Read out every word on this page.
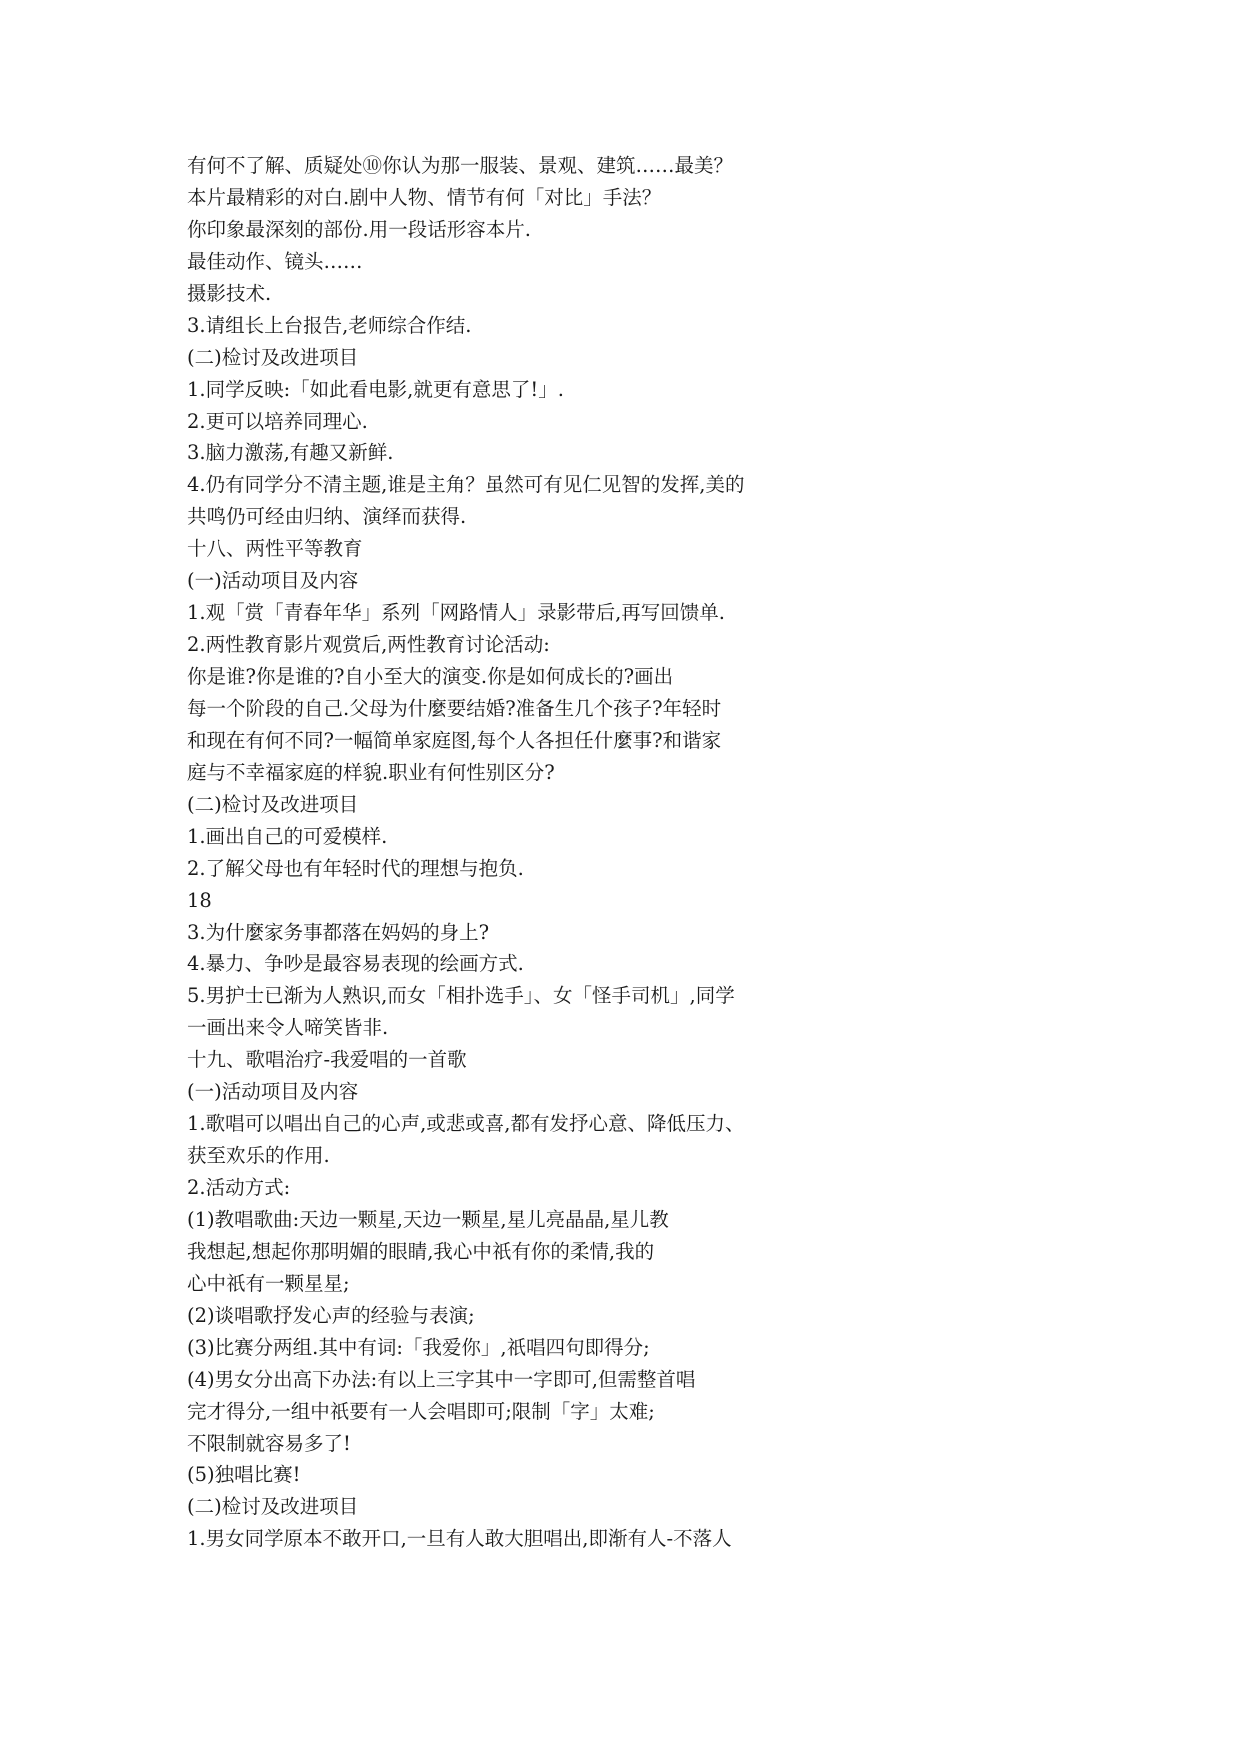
有何不了解、质疑处⑩你认为那一服装、景观、建筑……最美？
本片最精彩的对白.剧中人物、情节有何「对比」手法？
你印象最深刻的部份.用一段话形容本片.
最佳动作、镜头……
摄影技术.
3.请组长上台报告,老师综合作结.
(二)检讨及改进项目
1.同学反映:「如此看电影,就更有意思了!」.
2.更可以培养同理心.
3.脑力激荡,有趣又新鲜.
4.仍有同学分不清主题,谁是主角？虽然可有见仁见智的发挥,美的
共鸣仍可经由归纳、演绎而获得.
十八、两性平等教育
(一)活动项目及内容
1.观「赏「青春年华」系列「网路情人」录影带后,再写回馈单.
2.两性教育影片观赏后,两性教育讨论活动:
你是谁?你是谁的?自小至大的演变.你是如何成长的?画出
每一个阶段的自己.父母为什麼要结婚?准备生几个孩子?年轻时
和现在有何不同?一幅简单家庭图,每个人各担任什麼事?和谐家
庭与不幸福家庭的样貌.职业有何性别区分?
(二)检讨及改进项目
1.画出自己的可爱模样.
2.了解父母也有年轻时代的理想与抱负.
18
3.为什麼家务事都落在妈妈的身上?
4.暴力、争吵是最容易表现的绘画方式.
5.男护士已渐为人熟识,而女「相扑选手」、女「怪手司机」,同学
一画出来令人啼笑皆非.
十九、歌唱治疗-我爱唱的一首歌
(一)活动项目及内容
1.歌唱可以唱出自己的心声,或悲或喜,都有发抒心意、降低压力、
获至欢乐的作用.
2.活动方式:
(1)教唱歌曲:天边一颗星,天边一颗星,星儿亮晶晶,星儿教
我想起,想起你那明媚的眼睛,我心中祇有你的柔情,我的
心中祇有一颗星星;
(2)谈唱歌抒发心声的经验与表演;
(3)比赛分两组.其中有词:「我爱你」,祇唱四句即得分;
(4)男女分出高下办法:有以上三字其中一字即可,但需整首唱
完才得分,一组中祇要有一人会唱即可;限制「字」太难;
不限制就容易多了!
(5)独唱比赛!
(二)检讨及改进项目
1.男女同学原本不敢开口,一旦有人敢大胆唱出,即渐有人-不落人
